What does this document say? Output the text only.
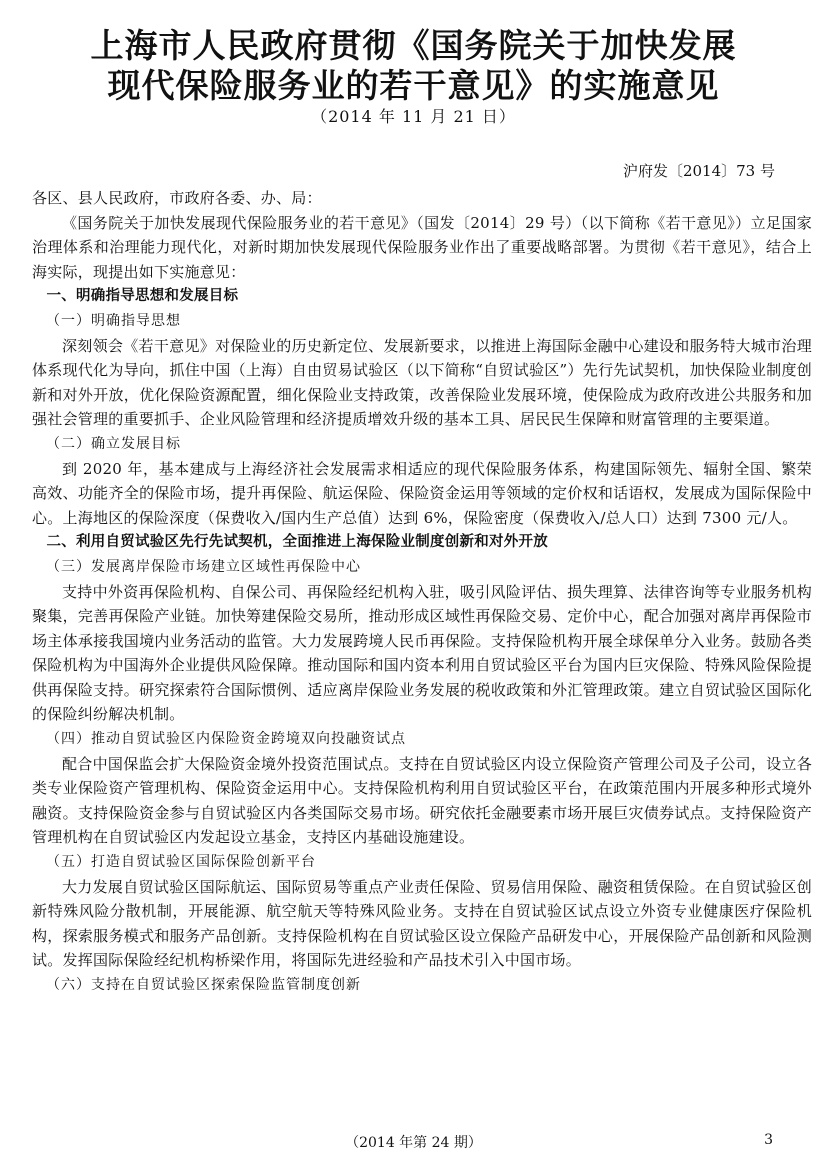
上海市人民政府贯彻《国务院关于加快发展
现代保险服务业的若干意见》的实施意见
（2014 年 11 月 21 日）
沪府发〔2014〕73 号

各区、县人民政府，市政府各委、办、局：

《国务院关于加快发展现代保险服务业的若干意见》（国发〔2014〕29 号）（以下简称《若干意见》）立足国家治理体系和治理能力现代化，对新时期加快发展现代保险服务业作出了重要战略部署。为贯彻《若干意见》，结合上海实际，现提出如下实施意见：

一、明确指导思想和发展目标

（一）明确指导思想

深刻领会《若干意见》对保险业的历史新定位、发展新要求，以推进上海国际金融中心建设和服务特大城市治理体系现代化为导向，抓住中国（上海）自由贸易试验区（以下简称“自贸试验区”）先行先试契机，加快保险业制度创新和对外开放，优化保险资源配置，细化保险业支持政策，改善保险业发展环境，使保险成为政府改进公共服务和加强社会管理的重要抓手、企业风险管理和经济提质增效升级的基本工具、居民民生保障和财富管理的主要渠道。

（二）确立发展目标

到 2020 年，基本建成与上海经济社会发展需求相适应的现代保险服务体系，构建国际领先、辐射全国、繁荣高效、功能齐全的保险市场，提升再保险、航运保险、保险资金运用等领域的定价权和话语权，发展成为国际保险中心。上海地区的保险深度（保费收入/国内生产总值）达到 6%，保险密度（保费收入/总人口）达到 7300 元/人。

二、利用自贸试验区先行先试契机，全面推进上海保险业制度创新和对外开放

（三）发展离岸保险市场建立区域性再保险中心

支持中外资再保险机构、自保公司、再保险经纪机构入驻，吸引风险评估、损失理算、法律咨询等专业服务机构聚集，完善再保险产业链。加快筹建保险交易所，推动形成区域性再保险交易、定价中心，配合加强对离岸再保险市场主体承接我国境内业务活动的监管。大力发展跨境人民币再保险。支持保险机构开展全球保单分入业务。鼓励各类保险机构为中国海外企业提供风险保障。推动国际和国内资本利用自贸试验区平台为国内巨灾保险、特殊风险保险提供再保险支持。研究探索符合国际惯例、适应离岸保险业务发展的税收政策和外汇管理政策。建立自贸试验区国际化的保险纠纷解决机制。

（四）推动自贸试验区内保险资金跨境双向投融资试点

配合中国保监会扩大保险资金境外投资范围试点。支持在自贸试验区内设立保险资产管理公司及子公司，设立各类专业保险资产管理机构、保险资金运用中心。支持保险机构利用自贸试验区平台，在政策范围内开展多种形式境外融资。支持保险资金参与自贸试验区内各类国际交易市场。研究依托金融要素市场开展巨灾债券试点。支持保险资产管理机构在自贸试验区内发起设立基金，支持区内基础设施建设。

（五）打造自贸试验区国际保险创新平台

大力发展自贸试验区国际航运、国际贸易等重点产业责任保险、贸易信用保险、融资租赁保险。在自贸试验区创新特殊风险分散机制，开展能源、航空航天等特殊风险业务。支持在自贸试验区试点设立外资专业健康医疗保险机构，探索服务模式和服务产品创新。支持保险机构在自贸试验区设立保险产品研发中心，开展保险产品创新和风险测试。发挥国际保险经纪机构桥梁作用，将国际先进经验和产品技术引入中国市场。

（六）支持在自贸试验区探索保险监管制度创新

（2014 年第 24 期）	3
